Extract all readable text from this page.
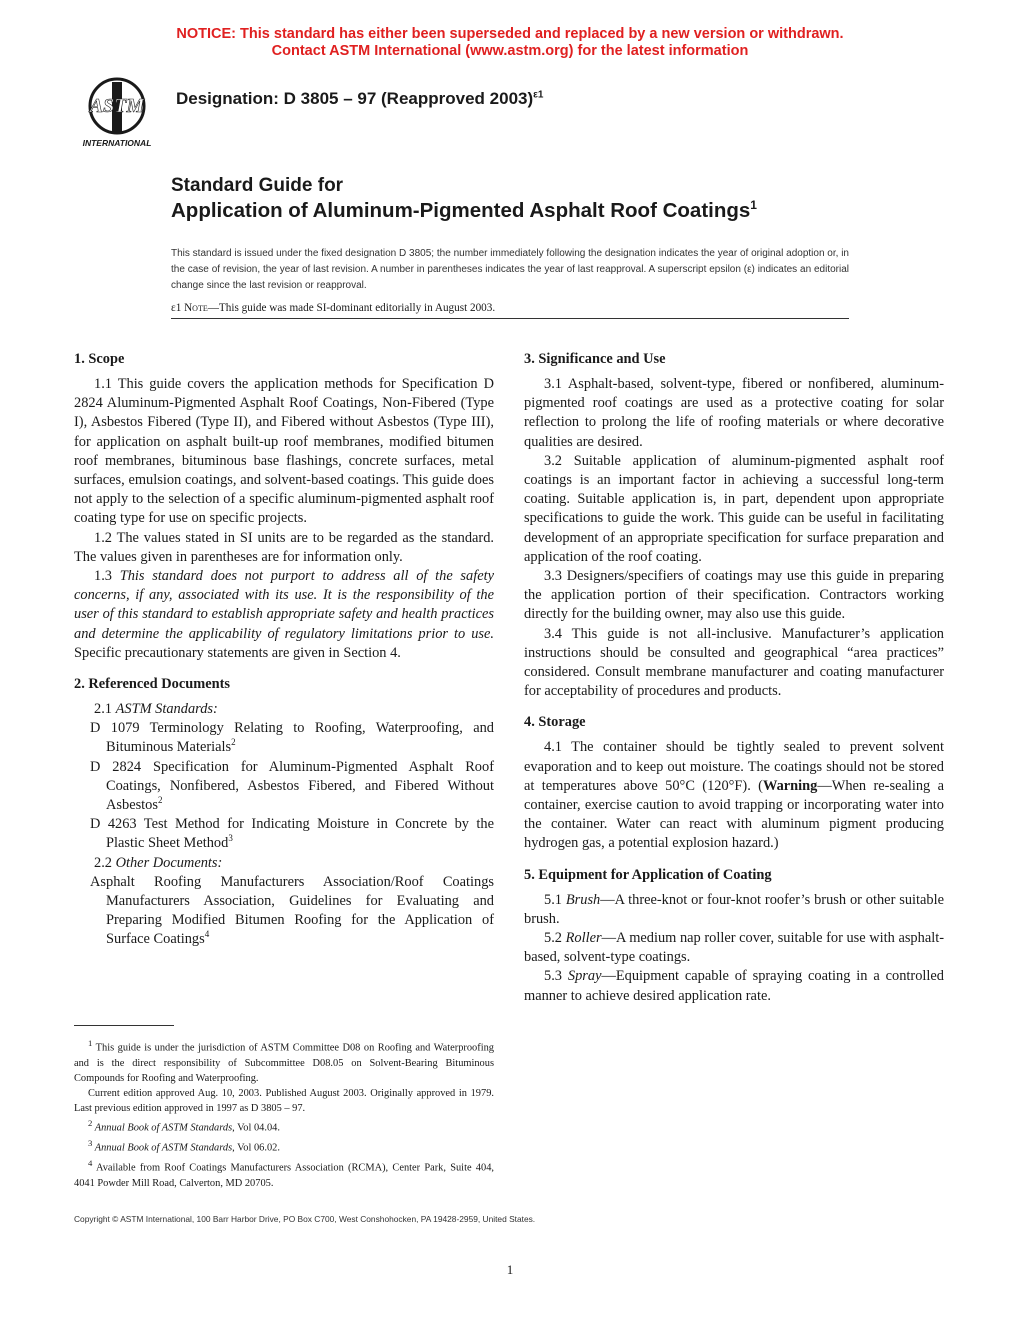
NOTICE: This standard has either been superseded and replaced by a new version or withdrawn.
Contact ASTM International (www.astm.org) for the latest information
ASTM
INTERNATIONAL
Designation: D 3805 – 97 (Reapproved 2003)$^{\varepsilon 1}$
Standard Guide for
Application of Aluminum-Pigmented Asphalt Roof Coatings$^1$
This standard is issued under the fixed designation D 3805; the number immediately following the designation indicates the year of original adoption or, in the case of revision, the year of last revision. A number in parentheses indicates the year of last reapproval. A superscript epsilon (ε) indicates an editorial change since the last revision or reapproval.
ε1 Note—This guide was made SI-dominant editorially in August 2003.
1. Scope

1.1 This guide covers the application methods for Specification D 2824 Aluminum-Pigmented Asphalt Roof Coatings, Non-Fibered (Type I), Asbestos Fibered (Type II), and Fibered without Asbestos (Type III), for application on asphalt built-up roof membranes, modified bitumen roof membranes, bituminous base flashings, concrete surfaces, metal surfaces, emulsion coatings, and solvent-based coatings. This guide does not apply to the selection of a specific aluminum-pigmented asphalt roof coating type for use on specific projects.

1.2 The values stated in SI units are to be regarded as the standard. The values given in parentheses are for information only.

1.3 This standard does not purport to address all of the safety concerns, if any, associated with its use. It is the responsibility of the user of this standard to establish appropriate safety and health practices and determine the applicability of regulatory limitations prior to use. Specific precautionary statements are given in Section 4.

2. Referenced Documents

2.1 ASTM Standards:

D 1079 Terminology Relating to Roofing, Waterproofing, and Bituminous Materials$^2$

D 2824 Specification for Aluminum-Pigmented Asphalt Roof Coatings, Nonfibered, Asbestos Fibered, and Fibered Without Asbestos$^2$

D 4263 Test Method for Indicating Moisture in Concrete by the Plastic Sheet Method$^3$

2.2 Other Documents:

Asphalt Roofing Manufacturers Association/Roof Coatings Manufacturers Association, Guidelines for Evaluating and Preparing Modified Bitumen Roofing for the Application of Surface Coatings$^4$

3. Significance and Use

3.1 Asphalt-based, solvent-type, fibered or nonfibered, aluminum-pigmented roof coatings are used as a protective coating for solar reflection to prolong the life of roofing materials or where decorative qualities are desired.

3.2 Suitable application of aluminum-pigmented asphalt roof coatings is an important factor in achieving a successful long-term coating. Suitable application is, in part, dependent upon appropriate specifications to guide the work. This guide can be useful in facilitating development of an appropriate specification for surface preparation and application of the roof coating.

3.3 Designers/specifiers of coatings may use this guide in preparing the application portion of their specification. Contractors working directly for the building owner, may also use this guide.

3.4 This guide is not all-inclusive. Manufacturer’s application instructions should be consulted and geographical “area practices” considered. Consult membrane manufacturer and coating manufacturer for acceptability of procedures and products.

4. Storage

4.1 The container should be tightly sealed to prevent solvent evaporation and to keep out moisture. The coatings should not be stored at temperatures above 50°C (120°F). (Warning—When re-sealing a container, exercise caution to avoid trapping or incorporating water into the container. Water can react with aluminum pigment producing hydrogen gas, a potential explosion hazard.)

5. Equipment for Application of Coating

5.1 Brush—A three-knot or four-knot roofer’s brush or other suitable brush.

5.2 Roller—A medium nap roller cover, suitable for use with asphalt-based, solvent-type coatings.

5.3 Spray—Equipment capable of spraying coating in a controlled manner to achieve desired application rate.

$^1$ This guide is under the jurisdiction of ASTM Committee D08 on Roofing and Waterproofing and is the direct responsibility of Subcommittee D08.05 on Solvent-Bearing Bituminous Compounds for Roofing and Waterproofing.

Current edition approved Aug. 10, 2003. Published August 2003. Originally approved in 1979. Last previous edition approved in 1997 as D 3805 – 97.

$^2$ Annual Book of ASTM Standards, Vol 04.04.

$^3$ Annual Book of ASTM Standards, Vol 06.02.

$^4$ Available from Roof Coatings Manufacturers Association (RCMA), Center Park, Suite 404, 4041 Powder Mill Road, Calverton, MD 20705.

Copyright © ASTM International, 100 Barr Harbor Drive, PO Box C700, West Conshohocken, PA 19428-2959, United States.
1
